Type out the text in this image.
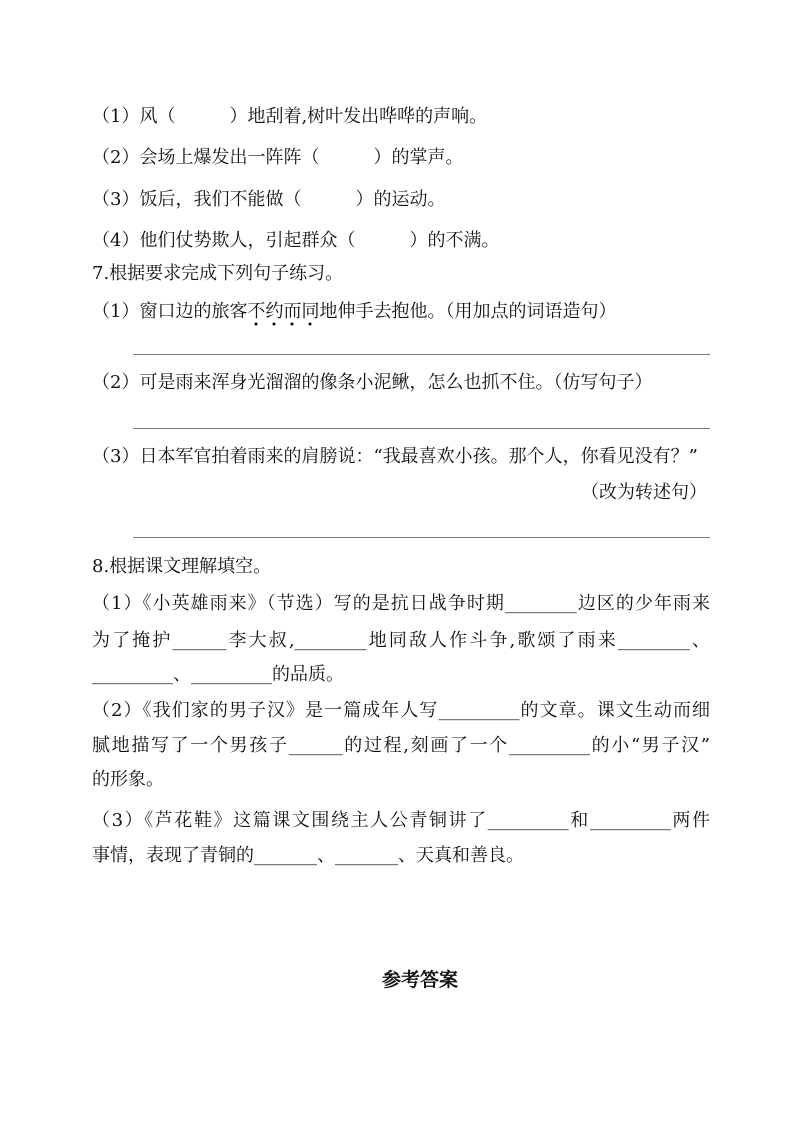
（1）风（　　　）地刮着,树叶发出哗哗的声响。
（2）会场上爆发出一阵阵（　　　）的掌声。
（3）饭后，我们不能做（　　　）的运动。
（4）他们仗势欺人，引起群众（　　　）的不满。
7.根据要求完成下列句子练习。
（1）窗口边的旅客不约而同地伸手去抱他。（用加点的词语造句）
（2）可是雨来浑身光溜溜的像条小泥鳅，怎么也抓不住。（仿写句子）
（3）日本军官拍着雨来的肩膀说：“我最喜欢小孩。那个人，你看见没有？”
（改为转述句）
8.根据课文理解填空。
（1）《小英雄雨来》（节选）写的是抗日战争时期________边区的少年雨来
为了掩护______李大叔,________地同敌人作斗争,歌颂了雨来________、
_________、_________的品质。
（2）《我们家的男子汉》是一篇成年人写_________的文章。课文生动而细
腻地描写了一个男孩子______的过程,刻画了一个_________的小“男子汉”
的形象。
（3）《芦花鞋》这篇课文围绕主人公青铜讲了_________和_________两件
事情，表现了青铜的_______、_______、天真和善良。
参考答案
